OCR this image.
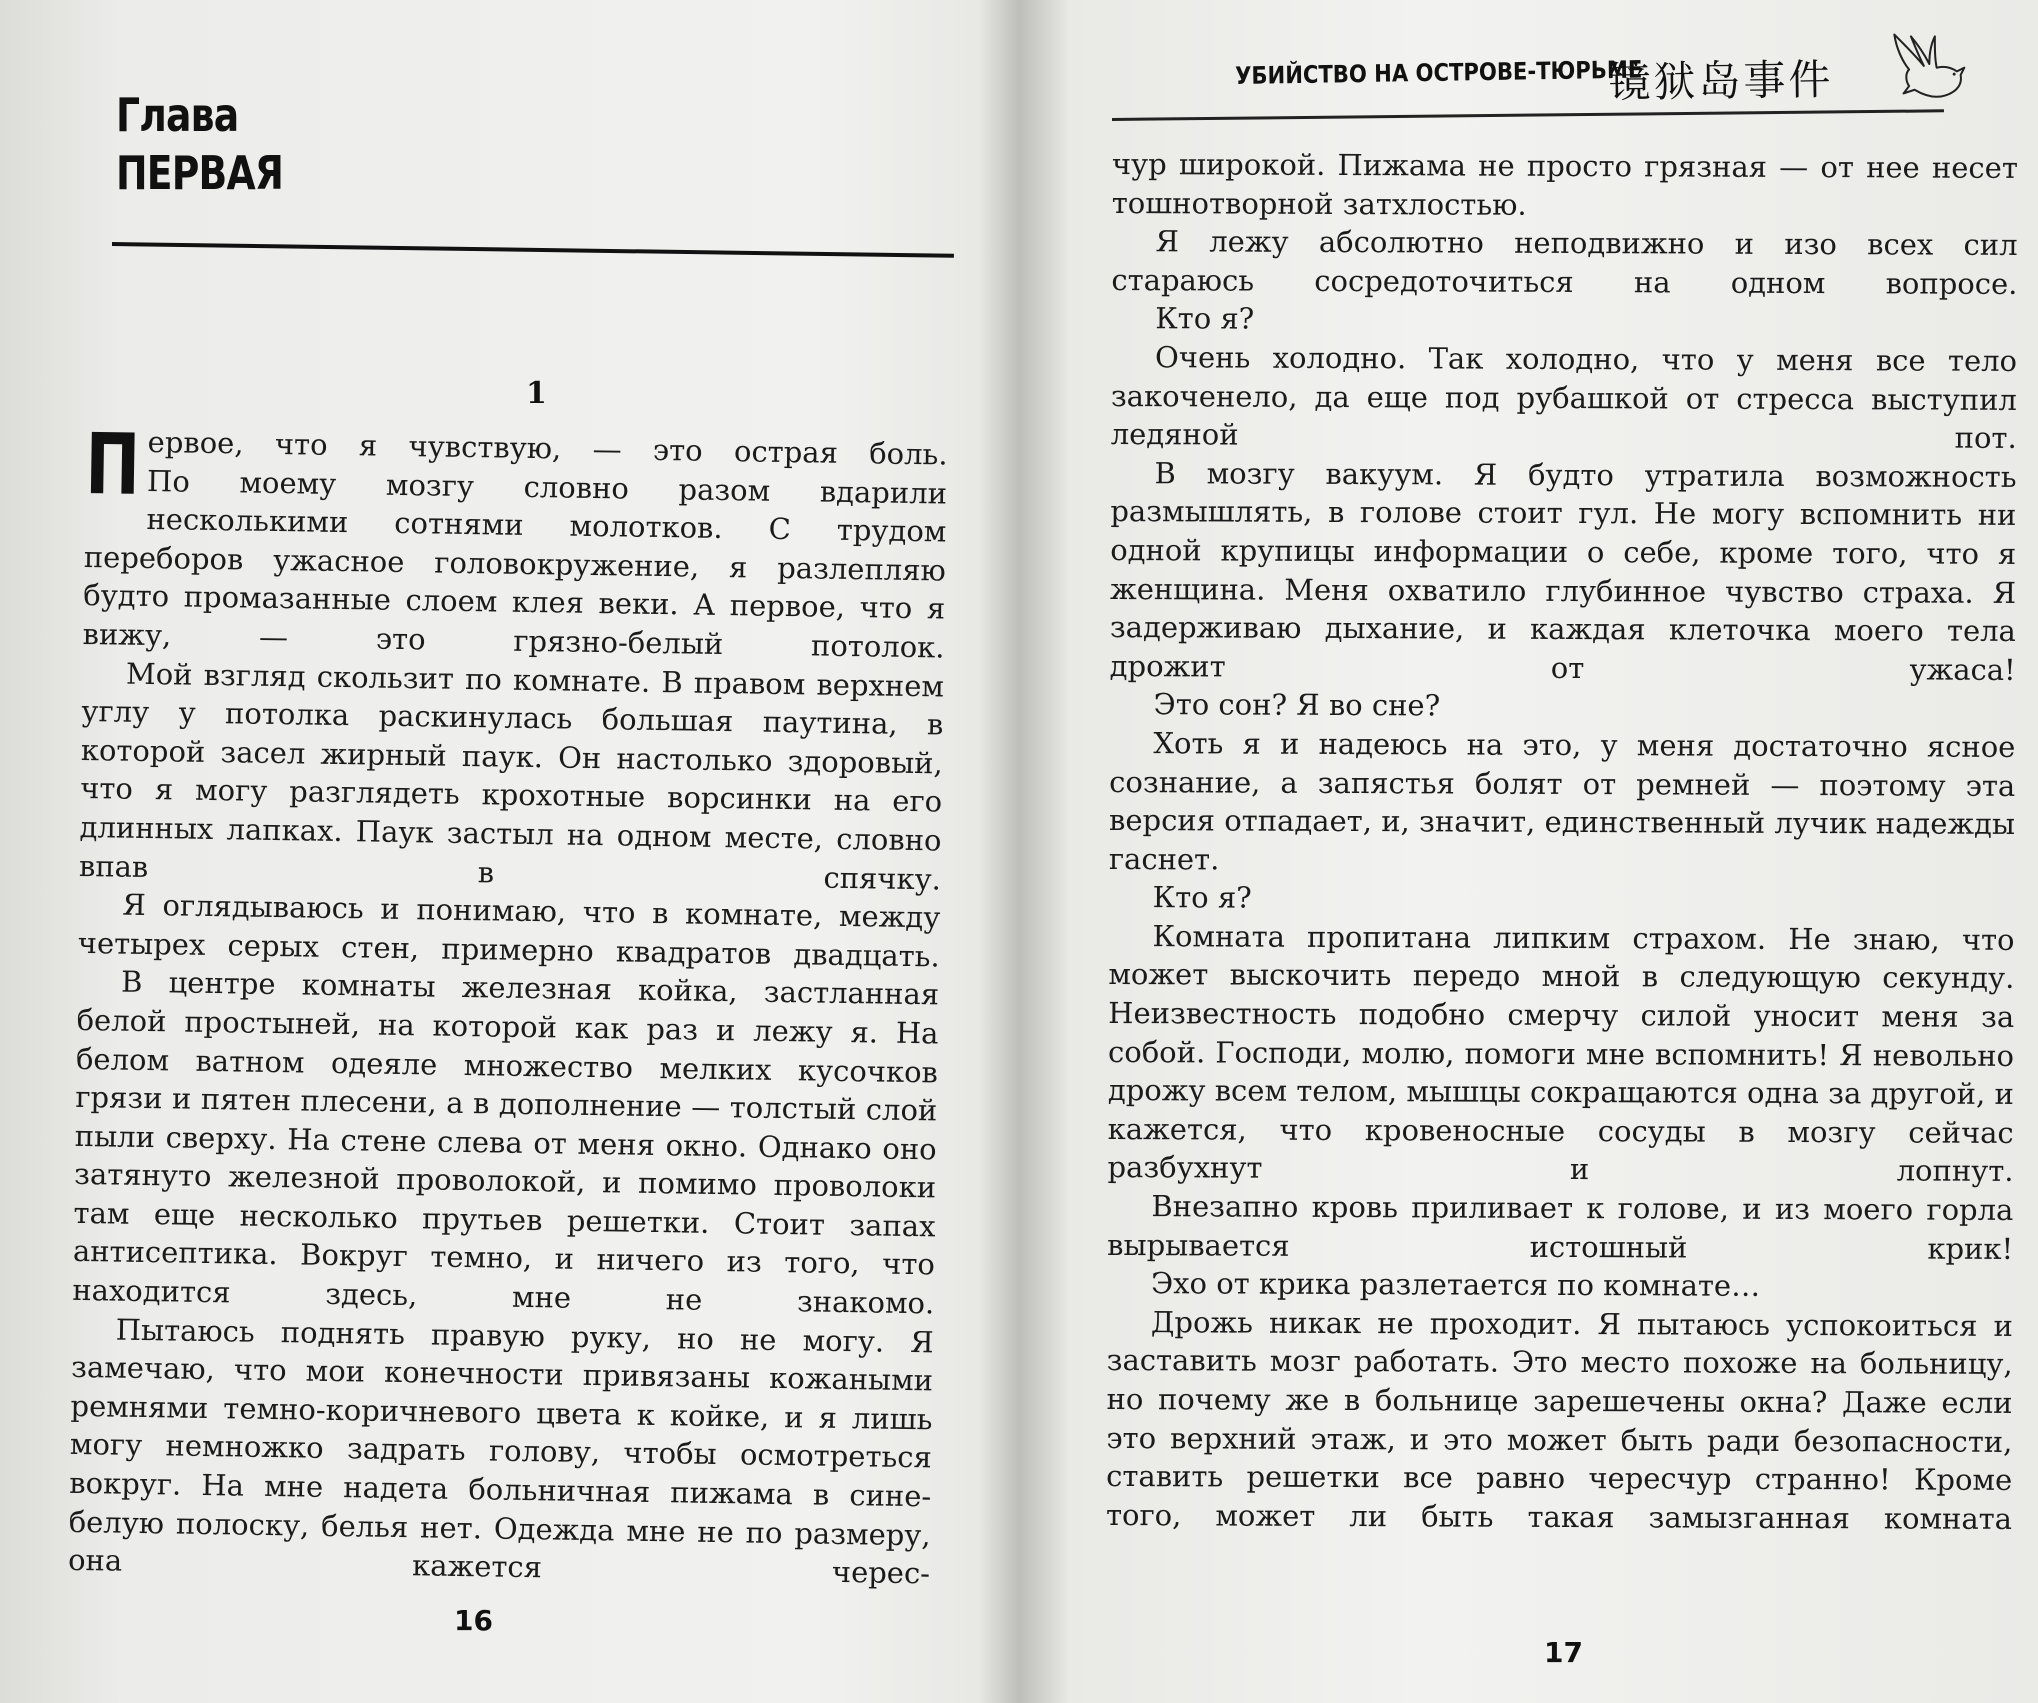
Глава
ПЕРВАЯ
1

П ервое, что я чувствую, — это острая боль.

По моему мозгу словно разом вдарили несколькими сотнями молотков. С трудом переборов ужасное головокружение, я разлепляю будто промазанные слоем клея веки. А первое, что я вижу, — это грязно-белый потолок.

Мой взгляд скользит по комнате. В правом верхнем углу у потолка раскинулась большая паутина, в которой засел жирный паук. Он настолько здоровый, что я могу разглядеть крохотные ворсинки на его длинных лапках. Паук застыл на одном месте, словно впав в спячку.

Я оглядываюсь и понимаю, что в комнате, между четырех серых стен, примерно квадратов двадцать.

В центре комнаты железная койка, застланная белой простыней, на которой как раз и лежу я. На белом ватном одеяле множество мелких кусочков грязи и пятен плесени, а в дополнение — толстый слой пыли сверху. На стене слева от меня окно. Однако оно затянуто железной проволокой, и помимо проволоки там еще несколько прутьев решетки. Стоит запах антисептика. Вокруг темно, и ничего из того, что находится здесь, мне не знакомо.

Пытаюсь поднять правую руку, но не могу. Я замечаю, что мои конечности привязаны кожаными ремнями темно-коричневого цвета к койке, и я лишь могу немножко задрать голову, чтобы осмотреться вокруг. На мне надета больничная пижама в сине-белую полоску, белья нет. Одежда мне не по размеру, она кажется черес-

16
УБИЙСТВО НА ОСТРОВЕ-ТЮРЬМЕ
镜狱岛事件

чур широкой. Пижама не просто грязная — от нее несет тошнотворной затхлостью.

Я лежу абсолютно неподвижно и изо всех сил стараюсь сосредоточиться на одном вопросе.

Кто я?

Очень холодно. Так холодно, что у меня все тело закоченело, да еще под рубашкой от стресса выступил ледяной пот.

В мозгу вакуум. Я будто утратила возможность размышлять, в голове стоит гул. Не могу вспомнить ни одной крупицы информации о себе, кроме того, что я женщина. Меня охватило глубинное чувство страха. Я задерживаю дыхание, и каждая клеточка моего тела дрожит от ужаса!

Это сон? Я во сне?

Хоть я и надеюсь на это, у меня достаточно ясное сознание, а запястья болят от ремней — поэтому эта версия отпадает, и, значит, единственный лучик надежды гаснет.

Кто я?

Комната пропитана липким страхом. Не знаю, что может выскочить передо мной в следующую секунду. Неизвестность подобно смерчу силой уносит меня за собой. Господи, молю, помоги мне вспомнить! Я невольно дрожу всем телом, мышцы сокращаются одна за другой, и кажется, что кровеносные сосуды в мозгу сейчас разбухнут и лопнут.

Внезапно кровь приливает к голове, и из моего горла вырывается истошный крик!

Эхо от крика разлетается по комнате…

Дрожь никак не проходит. Я пытаюсь успокоиться и заставить мозг работать. Это место похоже на больницу, но почему же в больнице зарешечены окна? Даже если это верхний этаж, и это может быть ради безопасности, ставить решетки все равно чересчур странно! Кроме того, может ли быть такая замызганная комната

17
